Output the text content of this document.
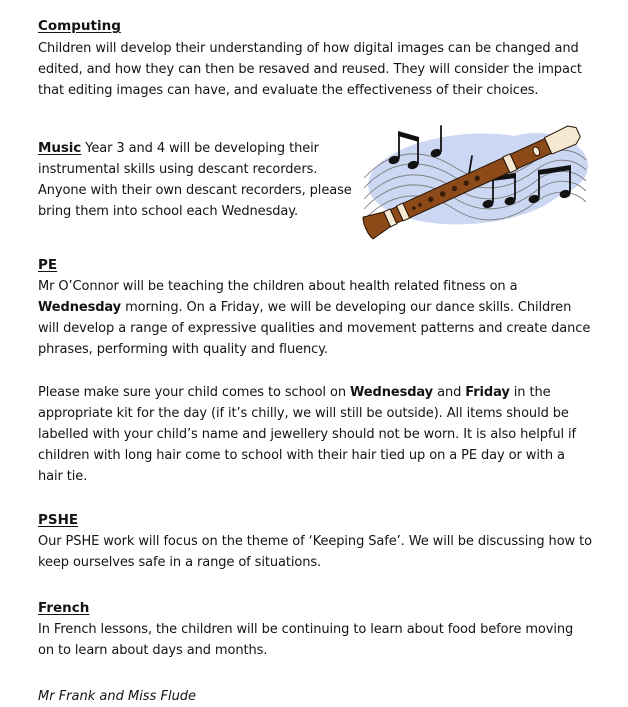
Computing

Children will develop their understanding of how digital images can be changed and edited, and how they can then be resaved and reused. They will consider the impact that editing images can have, and evaluate the effectiveness of their choices.

Music Year 3 and 4 will be developing their instrumental skills using descant recorders. Anyone with their own descant recorders, please bring them into school each Wednesday.

PE

Mr O’Connor will be teaching the children about health related fitness on a Wednesday morning. On a Friday, we will be developing our dance skills. Children will develop a range of expressive qualities and movement patterns and create dance phrases, performing with quality and fluency.

Please make sure your child comes to school on Wednesday and Friday in the appropriate kit for the day (if it’s chilly, we will still be outside). All items should be labelled with your child’s name and jewellery should not be worn. It is also helpful if children with long hair come to school with their hair tied up on a PE day or with a hair tie.

PSHE

Our PSHE work will focus on the theme of ‘Keeping Safe’. We will be discussing how to keep ourselves safe in a range of situations.

French

In French lessons, the children will be continuing to learn about food before moving on to learn about days and months.

Mr Frank and Miss Flude
